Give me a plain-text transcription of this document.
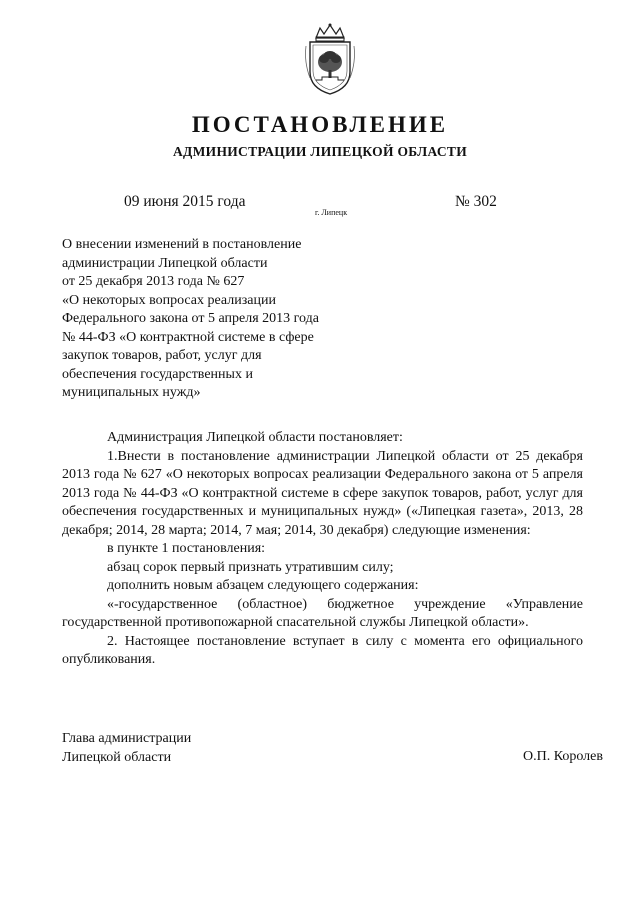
ПОСТАНОВЛЕНИЕ
АДМИНИСТРАЦИИ ЛИПЕЦКОЙ ОБЛАСТИ
09 июня 2015 года
г. Липецк
№ 302
О внесении изменений в постановление
администрации Липецкой области
от 25 декабря 2013 года № 627
«О некоторых вопросах реализации
Федерального закона от 5 апреля 2013 года
№ 44-ФЗ «О контрактной системе в сфере
закупок товаров, работ, услуг для
обеспечения государственных и
муниципальных нужд»

Администрация Липецкой области постановляет:

1.Внести в постановление администрации Липецкой области от 25 декабря 2013 года № 627 «О некоторых вопросах реализации Федерального закона от 5 апреля 2013 года № 44-ФЗ «О контрактной системе в сфере закупок товаров, работ, услуг для обеспечения государственных и муниципальных нужд» («Липецкая газета», 2013, 28 декабря; 2014, 28 марта; 2014, 7 мая; 2014, 30 декабря) следующие изменения:

в пункте 1 постановления:

абзац сорок первый признать утратившим силу;

дополнить новым абзацем следующего содержания:

«-государственное (областное) бюджетное учреждение «Управление государственной противопожарной спасательной службы Липецкой области».

2. Настоящее постановление вступает в силу с момента его официального опубликования.

Глава администрации
Липецкой области	О.П. Королев
